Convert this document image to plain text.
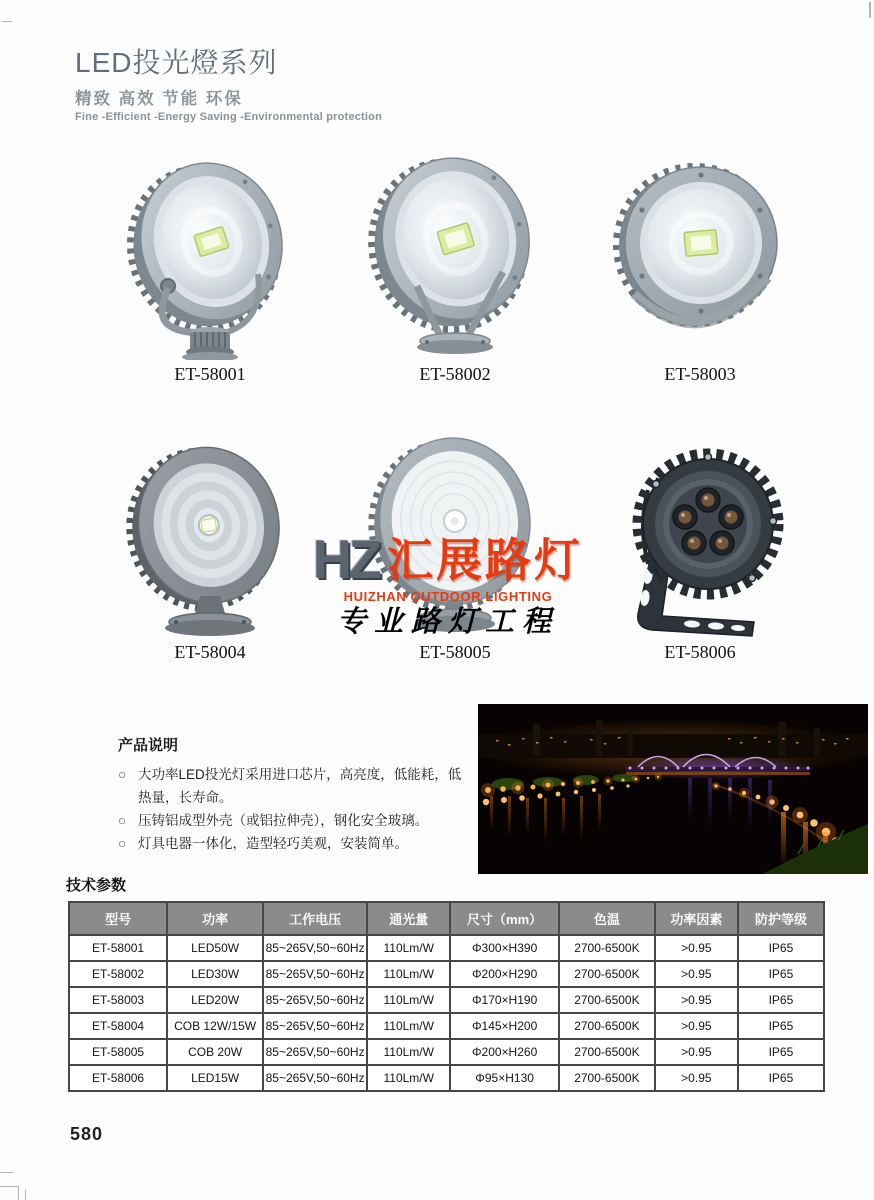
LED投光燈系列
精致 高效 节能 环保
Fine -Efficient -Energy Saving -Environmental protection
ET-58001	ET-58002	ET-58003
ET-58004	ET-58005	ET-58006
HZ 汇展路灯
HUIZHAN OUTDOOR LIGHTING
专业路灯工程
产品说明
○ 大功率LED投光灯采用进口芯片，高亮度，低能耗，低热量，长寿命。
○ 压铸铝成型外壳（或铝拉伸壳），钢化安全玻璃。
○ 灯具电器一体化，造型轻巧美观，安装简单。
技术参数
型号	功率	工作电压	通光量	尺寸（mm）	色温	功率因素	防护等级
ET-58001	LED50W	85~265V,50~60Hz	110Lm/W	Φ300×H390	2700-6500K	>0.95	IP65
ET-58002	LED30W	85~265V,50~60Hz	110Lm/W	Φ200×H290	2700-6500K	>0.95	IP65
ET-58003	LED20W	85~265V,50~60Hz	110Lm/W	Φ170×H190	2700-6500K	>0.95	IP65
ET-58004	COB 12W/15W	85~265V,50~60Hz	110Lm/W	Φ145×H200	2700-6500K	>0.95	IP65
ET-58005	COB 20W	85~265V,50~60Hz	110Lm/W	Φ200×H260	2700-6500K	>0.95	IP65
ET-58006	LED15W	85~265V,50~60Hz	110Lm/W	Φ95×H130	2700-6500K	>0.95	IP65
580
